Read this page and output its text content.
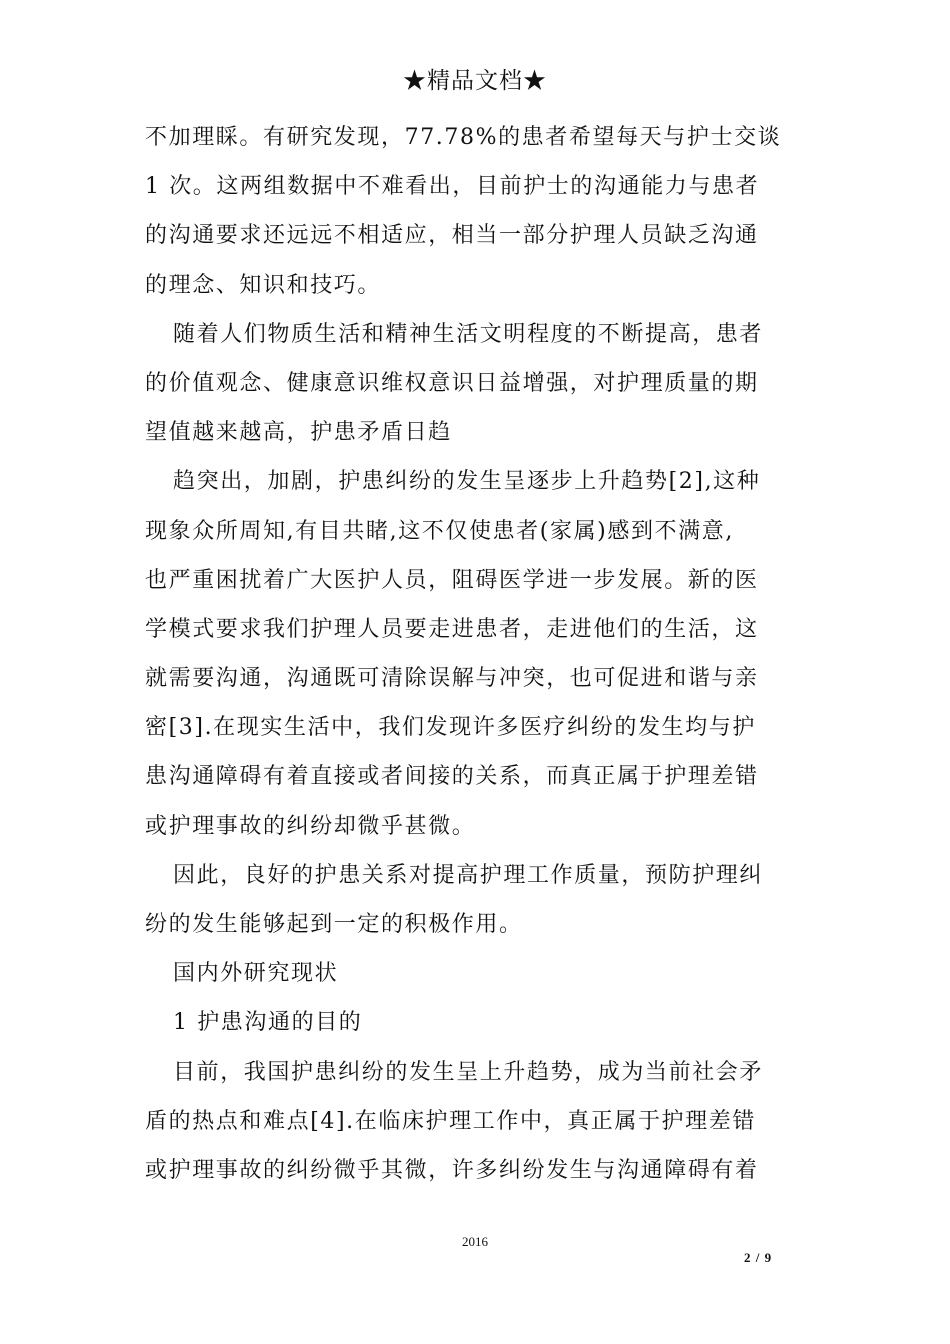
★精品文档★
不加理睬。有研究发现，77.78%的患者希望每天与护士交谈
1 次。这两组数据中不难看出，目前护士的沟通能力与患者
的沟通要求还远远不相适应，相当一部分护理人员缺乏沟通
的理念、知识和技巧。
随着人们物质生活和精神生活文明程度的不断提高，患者
的价值观念、健康意识维权意识日益增强，对护理质量的期
望值越来越高，护患矛盾日趋
趋突出，加剧，护患纠纷的发生呈逐步上升趋势[2],这种
现象众所周知,有目共睹,这不仅使患者(家属)感到不满意,
也严重困扰着广大医护人员，阻碍医学进一步发展。新的医
学模式要求我们护理人员要走进患者，走进他们的生活，这
就需要沟通，沟通既可清除误解与冲突，也可促进和谐与亲
密[3].在现实生活中，我们发现许多医疗纠纷的发生均与护
患沟通障碍有着直接或者间接的关系，而真正属于护理差错
或护理事故的纠纷却微乎甚微。
因此，良好的护患关系对提高护理工作质量，预防护理纠
纷的发生能够起到一定的积极作用。
国内外研究现状
1 护患沟通的目的
目前，我国护患纠纷的发生呈上升趋势，成为当前社会矛
盾的热点和难点[4].在临床护理工作中，真正属于护理差错
或护理事故的纠纷微乎其微，许多纠纷发生与沟通障碍有着
2016
2 / 9
